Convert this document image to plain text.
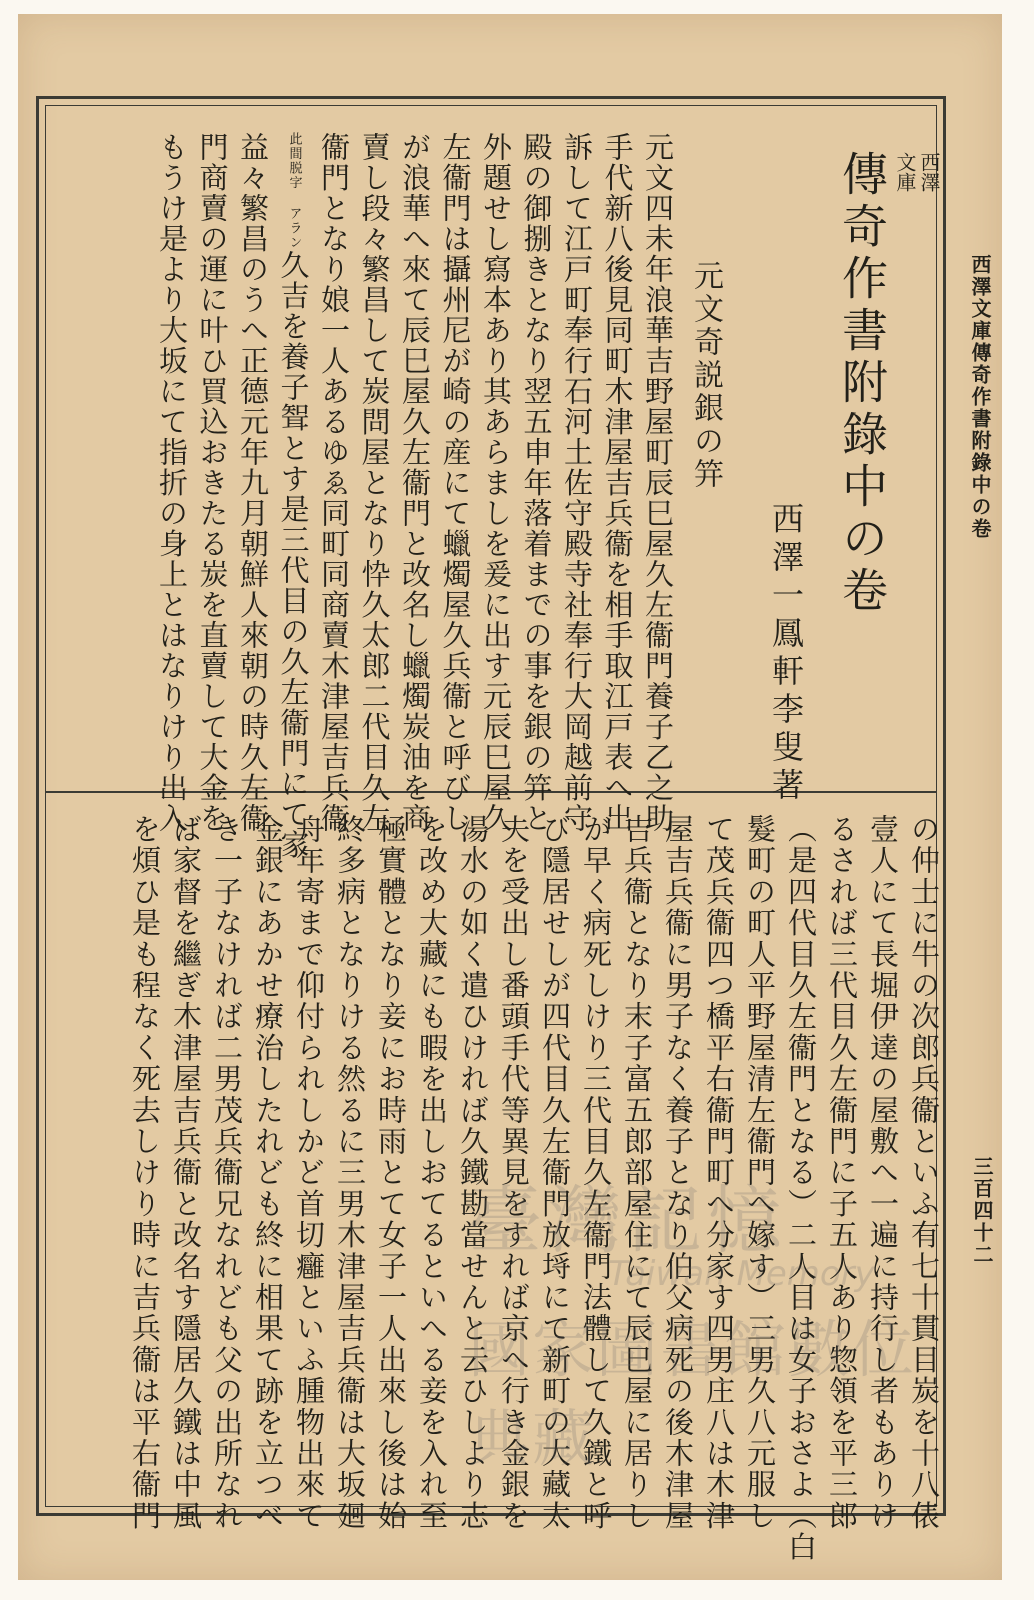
西澤文庫傳奇作書附錄中の卷
三百四十二
西澤
文庫
傳奇作書附錄中の卷
西澤一鳳軒李叟著
元文奇説銀の笄
元文四未年浪華吉野屋町辰巳屋久左衞門養子乙之助
手代新八後見同町木津屋吉兵衞を相手取江戸表へ出
訴して江戸町奉行石河土佐守殿寺社奉行大岡越前守
殿の御捌きとなり翌五申年落着までの事を銀の笄と
外題せし寫本あり其あらましを爰に出す元辰巳屋久
左衞門は攝州尼が崎の産にて蠟燭屋久兵衞と呼びし
が浪華へ來て辰巳屋久左衞門と改名し蠟燭炭油を商
賣し段々繁昌して炭問屋となり忰久太郎二代目久左
衞門となり娘一人あるゆゑ同町同商賣木津屋吉兵衞
此間脱字 アラン久吉を養子聟とす是三代目の久左衞門にて家
益々繁昌のうへ正德元年九月朝鮮人來朝の時久左衞
門商賣の運に叶ひ買込おきたる炭を直賣して大金を
もうけ是より大坂にて指折の身上とはなりけり出入
の仲士に牛の次郎兵衞といふ有七十貫目炭を十八俵
壹人にて長堀伊達の屋敷へ一遍に持行し者もありけ
るされば三代目久左衞門に子五人あり惣領を平三郎
（是四代目久左衞門となる）二人目は女子おさよ（白
髮町の町人平野屋清左衞門へ嫁す）三男久八元服し
て茂兵衞四つ橋平右衞門町へ分家す四男庄八は木津
屋吉兵衞に男子なく養子となり伯父病死の後木津屋
吉兵衞となり末子富五郎部屋住にて辰巳屋に居りし
が早く病死しけり三代目久左衞門法體して久鐵と呼
び隱居せしが四代目久左衞門放埓にて新町の大藏太
夫を受出し番頭手代等異見をすれば京へ行き金銀を
湯水の如く遣ひければ久鐵勘當せんと云ひしより志
を改め大藏にも暇を出しおてるといへる妾を入れ至
極實體となり妾にお時雨とて女子一人出來し後は始
終多病となりける然るに三男木津屋吉兵衞は大坂廻
舟年寄まで仰付られしかど首切癰といふ腫物出來て
金銀にあかせ療治したれども終に相果て跡を立つべ
き一子なければ二男茂兵衞兄なれども父の出所なれ
ば家督を繼ぎ木津屋吉兵衞と改名す隱居久鐵は中風
を煩ひ是も程なく死去しけり時に吉兵衞は平右衞門	臺灣記憶
Taiwan Memory
國家圖書館數位典藏
